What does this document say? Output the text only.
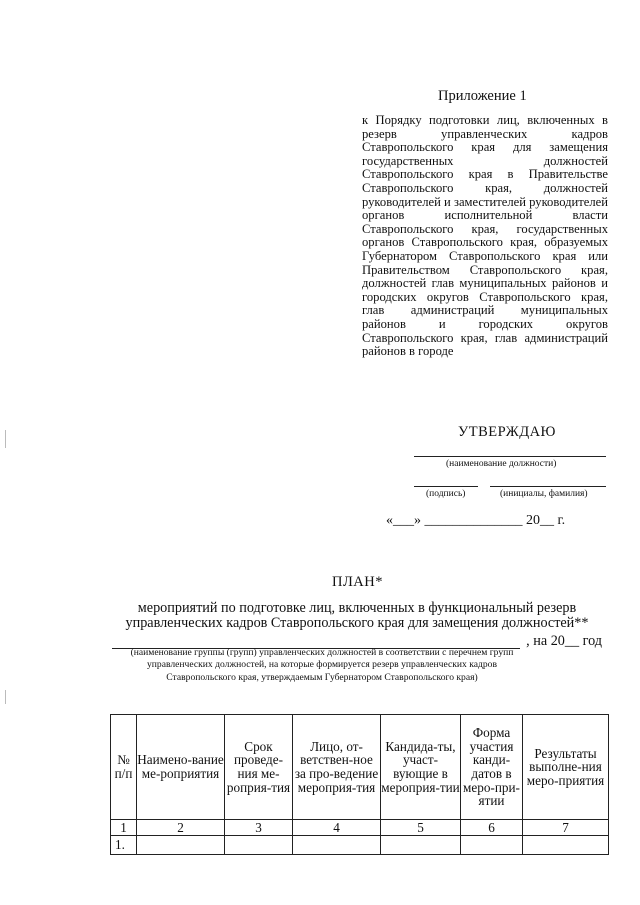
Приложение 1
к Порядку подготовки лиц, включенных в резерв управленческих кадров Ставропольского края для замещения государственных должностей Ставропольского края в Правительстве Ставропольского края, должностей руководителей и заместителей руководителей органов исполнительной власти Ставропольского края, государственных органов Ставропольского края, образуемых Губернатором Ставропольского края или Правительством Ставропольского края, должностей глав муниципальных районов и городских округов Ставропольского края, глав администраций муниципальных районов и городских округов Ставропольского края, глав администраций районов в городе
УТВЕРЖДАЮ
(наименование должности)
(подпись)	(инициалы, фамилия)
«___» ______________ 20__ г.
ПЛАН*
мероприятий по подготовке лиц, включенных в функциональный резерв управленческих кадров Ставропольского края для замещения должностей**
, на 20__ год
(наименование группы (групп) управленческих должностей в соответствии с перечнем групп управленческих должностей, на которые формируется резерв управленческих кадров Ставропольского края, утверждаемым Губернатором Ставропольского края)
№ п/п	Наимено-вание ме-роприятия	Срок проведе-ния ме-роприя-тия	Лицо, от-ветствен-ное за про-ведение мероприя-тия	Кандида-ты, участ-вующие в мероприя-тии	Форма участия канди-датов в меро-при-ятии	Результаты выполне-ния меро-приятия
1	2	3	4	5	6	7
1.						
